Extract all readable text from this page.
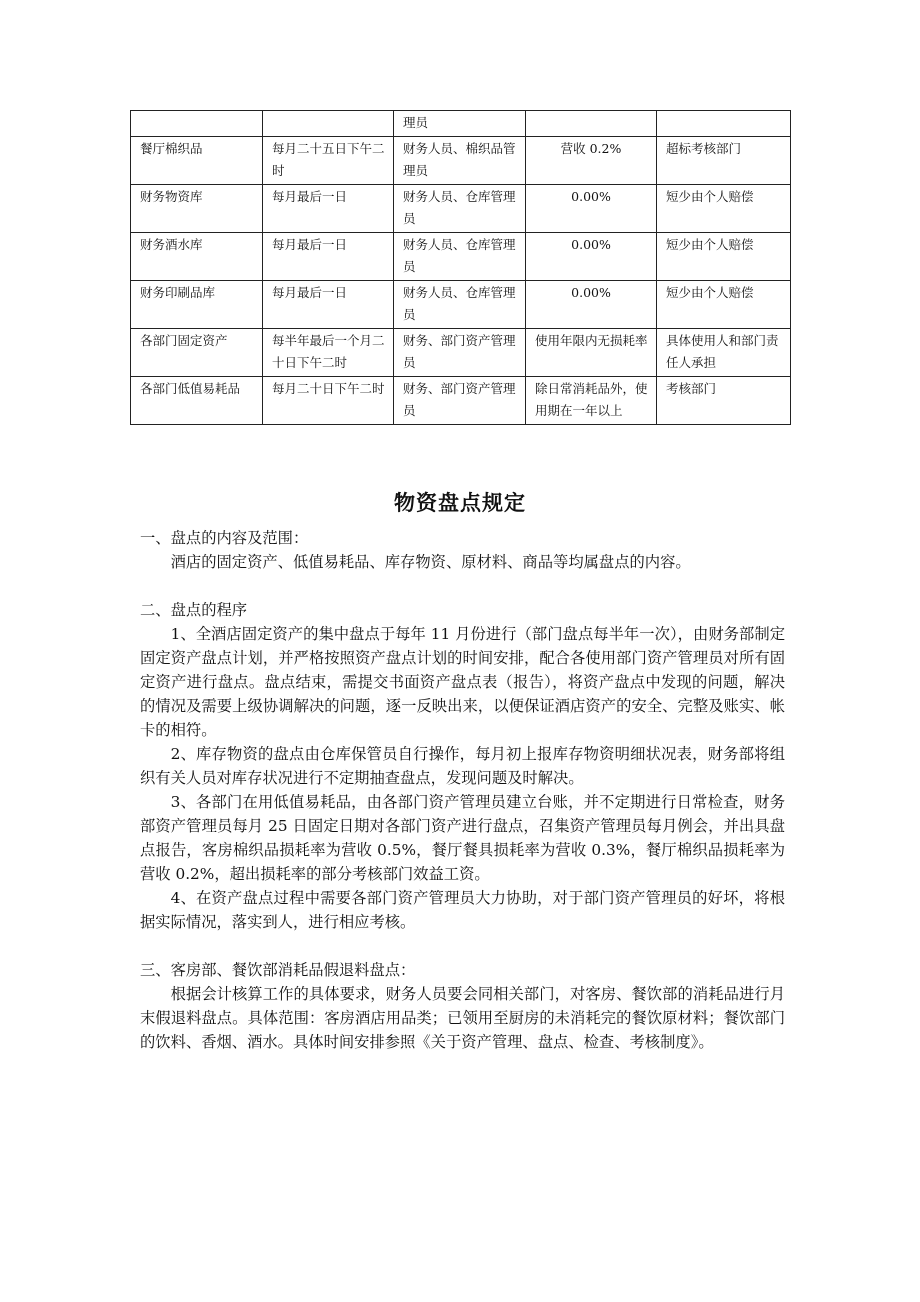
		理员		
餐厅棉织品	每月二十五日下午二时	财务人员、棉织品管理员	营收 0.2%	超标考核部门
财务物资库	每月最后一日	财务人员、仓库管理员	0.00%	短少由个人赔偿
财务酒水库	每月最后一日	财务人员、仓库管理员	0.00%	短少由个人赔偿
财务印刷品库	每月最后一日	财务人员、仓库管理员	0.00%	短少由个人赔偿
各部门固定资产	每半年最后一个月二十日下午二时	财务、部门资产管理员	使用年限内无损耗率	具体使用人和部门责任人承担
各部门低值易耗品	每月二十日下午二时	财务、部门资产管理员	除日常消耗品外，使用期在一年以上	考核部门
物资盘点规定

一、盘点的内容及范围：

酒店的固定资产、低值易耗品、库存物资、原材料、商品等均属盘点的内容。

二、盘点的程序

1、全酒店固定资产的集中盘点于每年 11 月份进行（部门盘点每半年一次），由财务部制定固定资产盘点计划，并严格按照资产盘点计划的时间安排，配合各使用部门资产管理员对所有固定资产进行盘点。盘点结束，需提交书面资产盘点表（报告），将资产盘点中发现的问题，解决的情况及需要上级协调解决的问题，逐一反映出来，以便保证酒店资产的安全、完整及账实、帐卡的相符。

2、库存物资的盘点由仓库保管员自行操作，每月初上报库存物资明细状况表，财务部将组织有关人员对库存状况进行不定期抽查盘点，发现问题及时解决。

3、各部门在用低值易耗品，由各部门资产管理员建立台账，并不定期进行日常检查，财务部资产管理员每月 25 日固定日期对各部门资产进行盘点，召集资产管理员每月例会，并出具盘点报告，客房棉织品损耗率为营收 0.5%，餐厅餐具损耗率为营收 0.3%，餐厅棉织品损耗率为营收 0.2%，超出损耗率的部分考核部门效益工资。

4、在资产盘点过程中需要各部门资产管理员大力协助，对于部门资产管理员的好坏，将根据实际情况，落实到人，进行相应考核。

三、客房部、餐饮部消耗品假退料盘点：

根据会计核算工作的具体要求，财务人员要会同相关部门，对客房、餐饮部的消耗品进行月末假退料盘点。具体范围：客房酒店用品类；已领用至厨房的未消耗完的餐饮原材料；餐饮部门的饮料、香烟、酒水。具体时间安排参照《关于资产管理、盘点、检查、考核制度》。
